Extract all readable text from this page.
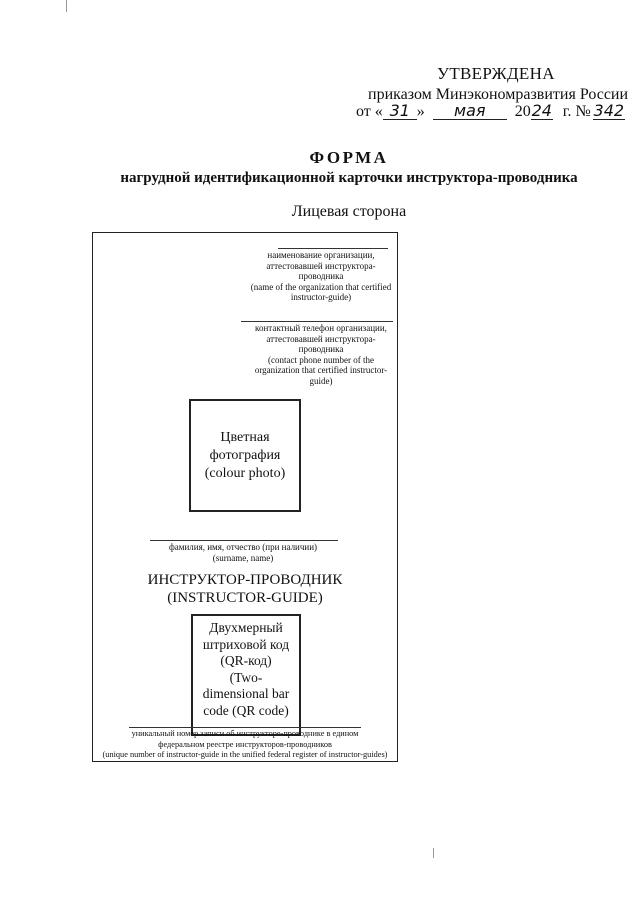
УТВЕРЖДЕНА
приказом Минэкономразвития России
от « 31 » мая 2024 г. № 342
ФОРМА
нагрудной идентификационной карточки инструктора-проводника
Лицевая сторона
наименование организации,
аттестовавшей инструктора-
проводника
(name of the organization that certified
instructor-guide)
контактный телефон организации,
аттестовавшей инструктора-
проводника
(contact phone number of the
organization that certified instructor-
guide)
Цветная
фотография
(colour photo)
фамилия, имя, отчество (при наличии)
(surname, name)
ИНСТРУКТОР-ПРОВОДНИК
(INSTRUCTOR-GUIDE)
Двухмерный
штриховой код
(QR-код)
(Two-
dimensional bar
code (QR code)
уникальный номер записи об инструкторе-проводнике в едином
федеральном реестре инструкторов-проводников
(unique number of instructor-guide in the unified federal register of instructor-guides)
